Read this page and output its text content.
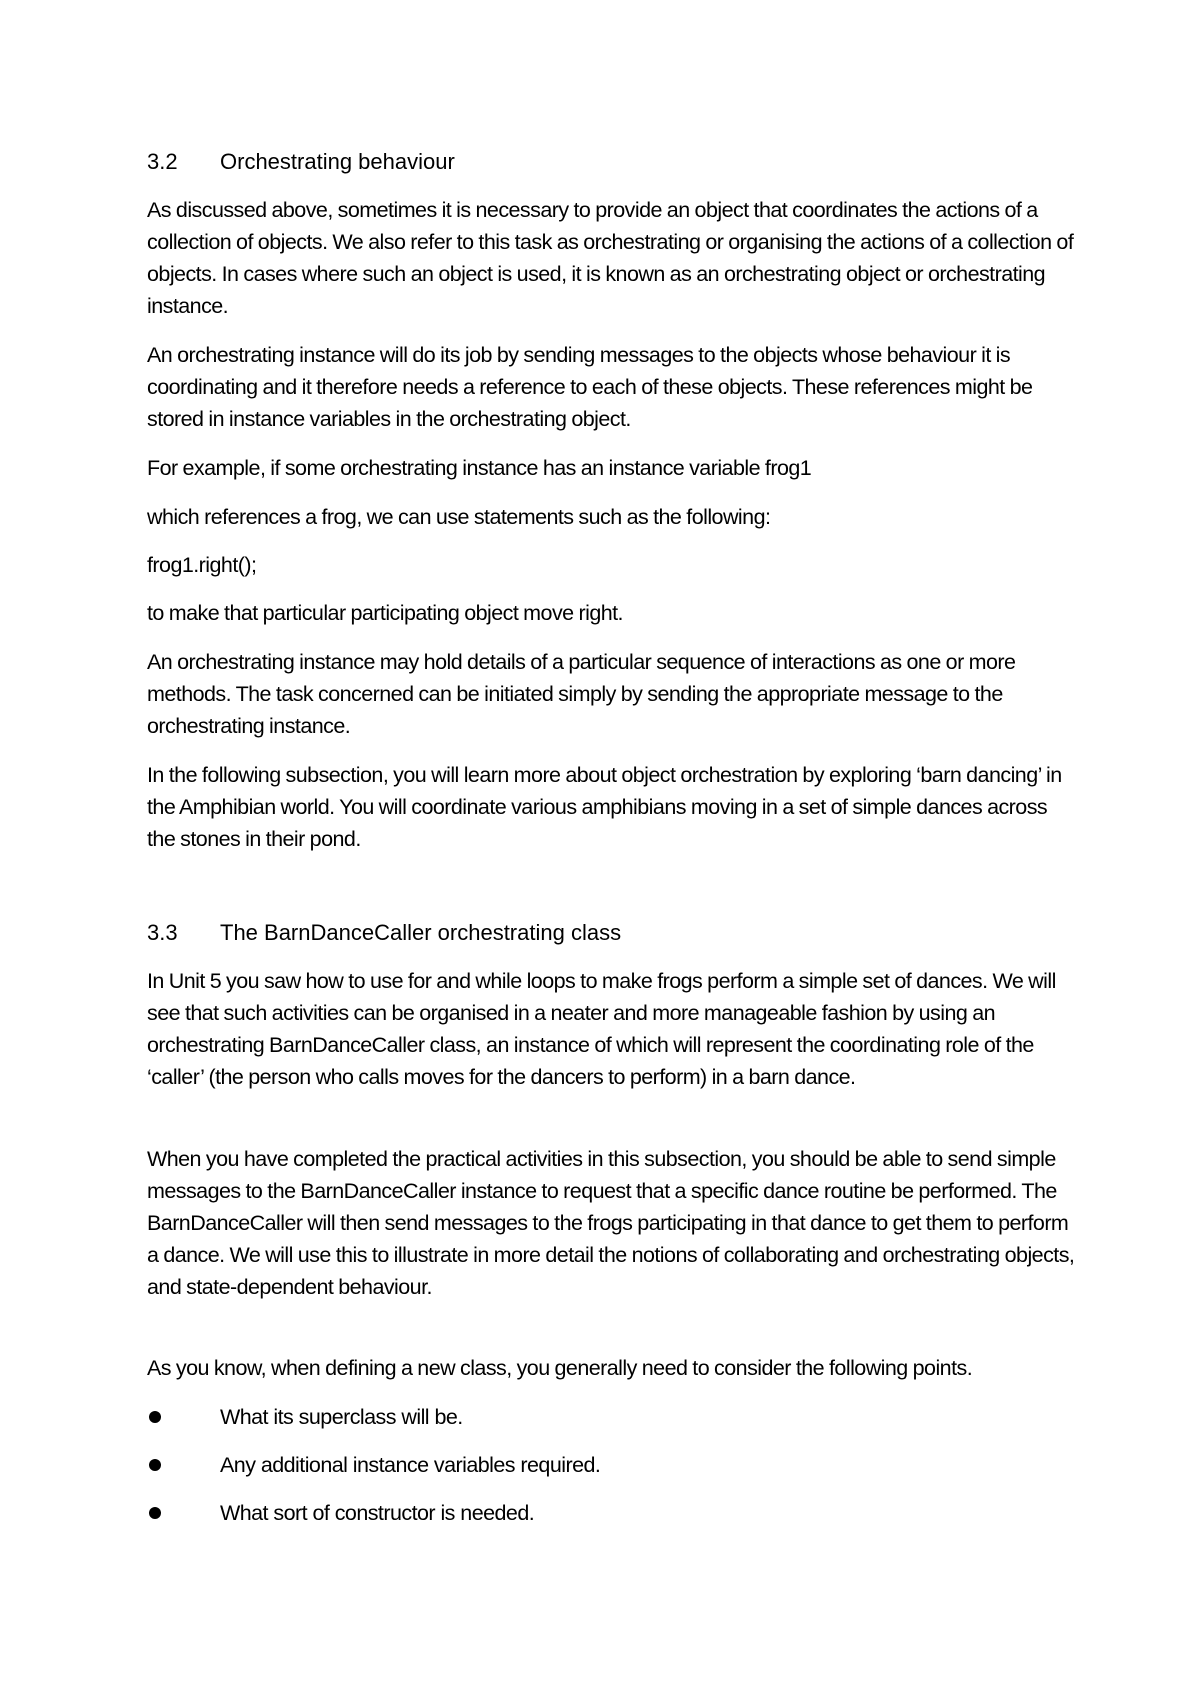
3.2 Orchestrating behaviour

As discussed above, sometimes it is necessary to provide an object that coordinates the actions of a collection of objects. We also refer to this task as orchestrating or organising the actions of a collection of objects. In cases where such an object is used, it is known as an orchestrating object or orchestrating instance.

An orchestrating instance will do its job by sending messages to the objects whose behaviour it is coordinating and it therefore needs a reference to each of these objects. These references might be stored in instance variables in the orchestrating object.

For example, if some orchestrating instance has an instance variable frog1

which references a frog, we can use statements such as the following:

frog1.right();

to make that particular participating object move right.

An orchestrating instance may hold details of a particular sequence of interactions as one or more methods. The task concerned can be initiated simply by sending the appropriate message to the orchestrating instance.

In the following subsection, you will learn more about object orchestration by exploring ‘barn dancing’ in the Amphibian world. You will coordinate various amphibians moving in a set of simple dances across the stones in their pond.

3.3 The BarnDanceCaller orchestrating class

In Unit 5 you saw how to use for and while loops to make frogs perform a simple set of dances. We will see that such activities can be organised in a neater and more manageable fashion by using an orchestrating BarnDanceCaller class, an instance of which will represent the coordinating role of the ‘caller’ (the person who calls moves for the dancers to perform) in a barn dance.

When you have completed the practical activities in this subsection, you should be able to send simple messages to the BarnDanceCaller instance to request that a specific dance routine be performed. The BarnDanceCaller will then send messages to the frogs participating in that dance to get them to perform a dance. We will use this to illustrate in more detail the notions of collaborating and orchestrating objects, and state-dependent behaviour.

As you know, when defining a new class, you generally need to consider the following points.

What its superclass will be.
Any additional instance variables required.
What sort of constructor is needed.
